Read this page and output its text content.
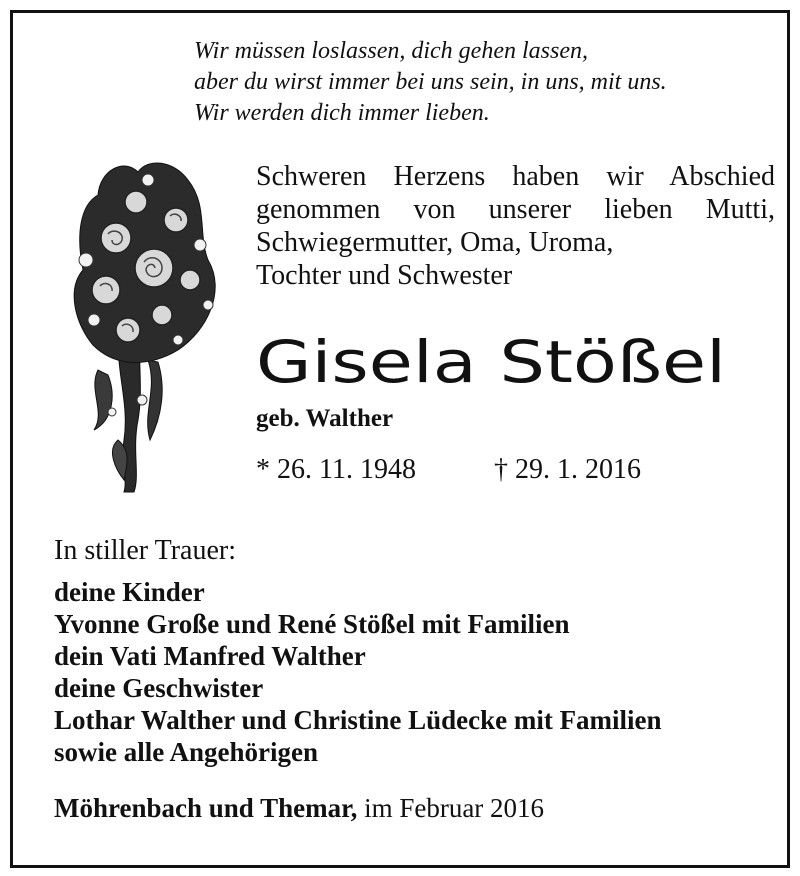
Wir müssen loslassen, dich gehen lassen,
aber du wirst immer bei uns sein, in uns, mit uns.
Wir werden dich immer lieben.
Schweren Herzens haben wir Abschied
genommen von unserer lieben Mutti,
Schwiegermutter, Oma, Uroma,
Tochter und Schwester
Gisela Stößel
geb. Walther
* 26. 11. 1948	† 29. 1. 2016
In stiller Trauer:
deine Kinder
Yvonne Große und René Stößel mit Familien
dein Vati Manfred Walther
deine Geschwister
Lothar Walther und Christine Lüdecke mit Familien
sowie alle Angehörigen
Möhrenbach und Themar, im Februar 2016
